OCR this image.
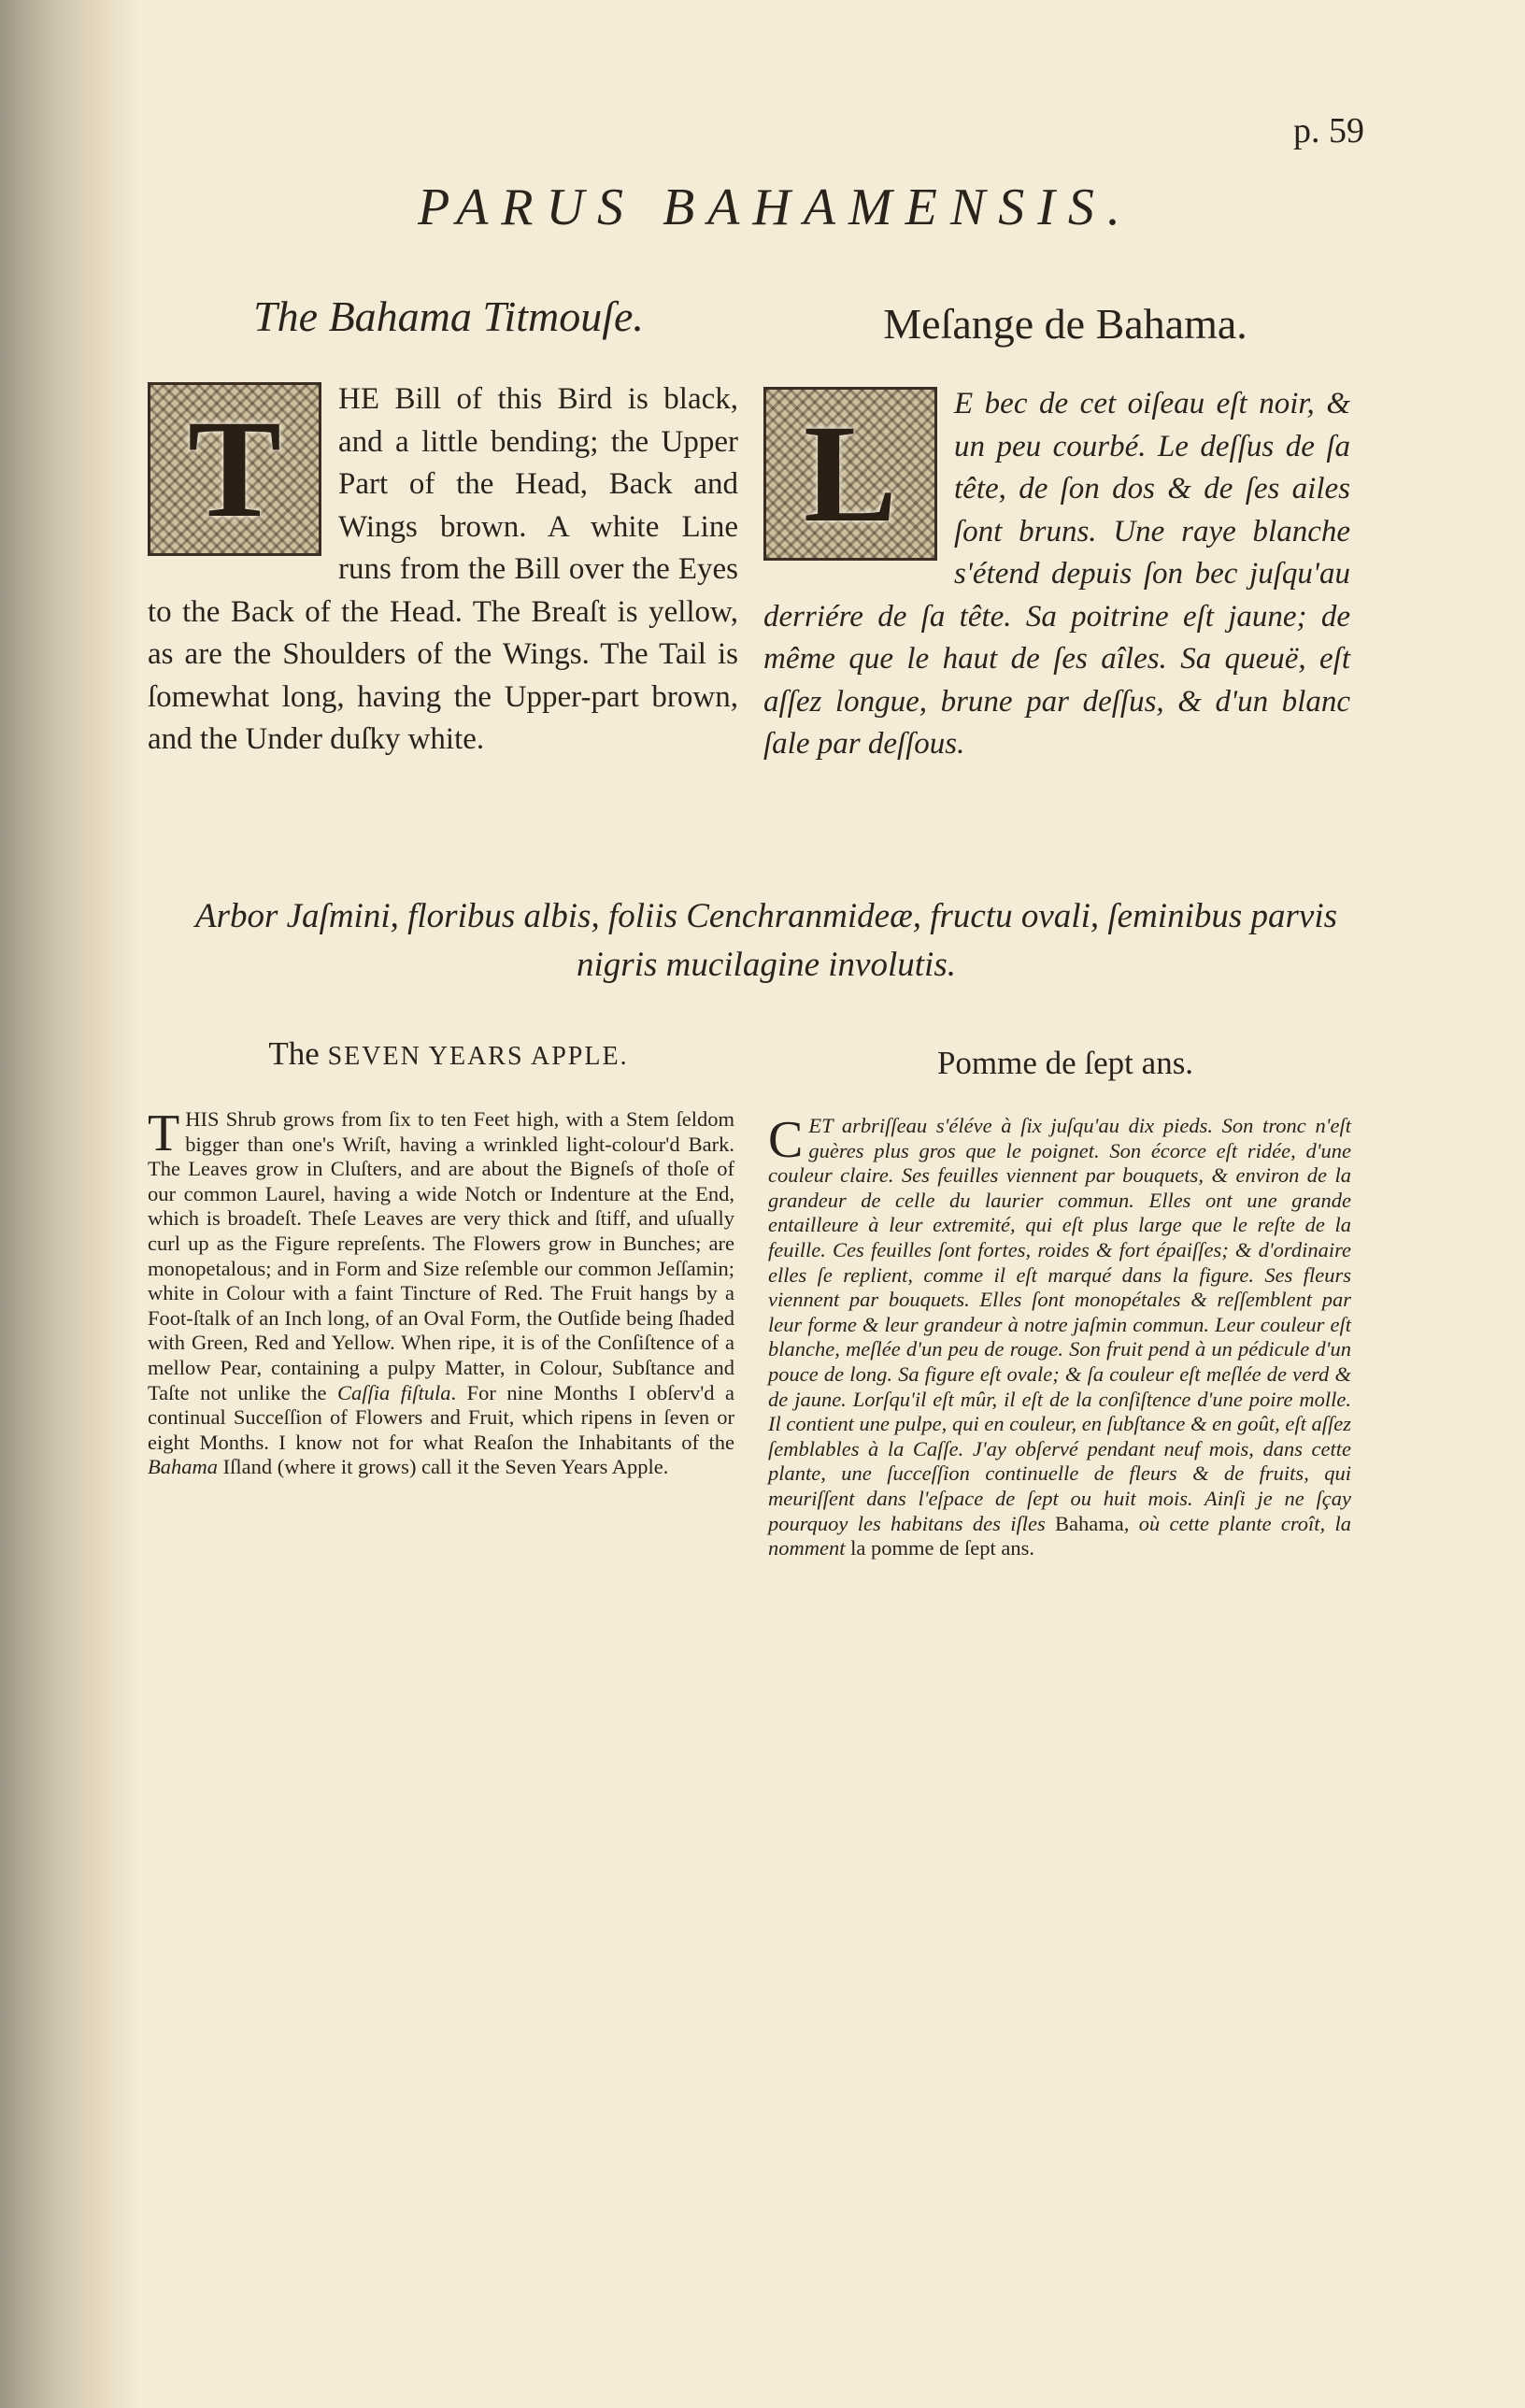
p. 59
PARUS BAHAMENSIS.
The Bahama Titmouſe.	Meſange de Bahama.
T HE Bill of this Bird is black, and a little bending; the Upper Part of the Head, Back and Wings brown. A white Line runs from the Bill over the Eyes to the Back of the Head. The Breaſt is yellow, as are the Shoulders of the Wings. The Tail is ſomewhat long, having the Upper-part brown, and the Under duſky white.
L E bec de cet oiſeau eſt noir, & un peu courbé. Le deſſus de ſa tête, de ſon dos & de ſes ailes ſont bruns. Une raye blanche s'étend depuis ſon bec juſqu'au derriére de ſa tête. Sa poitrine eſt jaune; de même que le haut de ſes aîles. Sa queuë, eſt aſſez longue, brune par deſſus, & d'un blanc ſale par deſſous.
Arbor Jaſmini, floribus albis, foliis Cenchranmideæ, fructu ovali, ſeminibus parvis nigris mucilagine involutis.
The SEVEN YEARS APPLE.	Pomme de ſept ans.
THIS Shrub grows from ſix to ten Feet high, with a Stem ſeldom bigger than one's Wriſt, having a wrinkled light-colour'd Bark. The Leaves grow in Cluſters, and are about the Bigneſs of thoſe of our common Laurel, having a wide Notch or Indenture at the End, which is broadeſt. Theſe Leaves are very thick and ſtiff, and uſually curl up as the Figure repreſents. The Flowers grow in Bunches; are monopetalous; and in Form and Size reſemble our common Jeſſamin; white in Colour with a faint Tincture of Red. The Fruit hangs by a Foot-ſtalk of an Inch long, of an Oval Form, the Outſide being ſhaded with Green, Red and Yellow. When ripe, it is of the Conſiſtence of a mellow Pear, containing a pulpy Matter, in Colour, Subſtance and Taſte not unlike the Caſſia fiſtula. For nine Months I obſerv'd a continual Succeſſion of Flowers and Fruit, which ripens in ſeven or eight Months. I know not for what Reaſon the Inhabitants of the Bahama Iſland (where it grows) call it the Seven Years Apple.
CET arbriſſeau s'éléve à ſix juſqu'au dix pieds. Son tronc n'eſt guères plus gros que le poignet. Son écorce eſt ridée, d'une couleur claire. Ses feuilles viennent par bouquets, & environ de la grandeur de celle du laurier commun. Elles ont une grande entailleure à leur extremité, qui eſt plus large que le reſte de la feuille. Ces feuilles ſont fortes, roides & fort épaiſſes; & d'ordinaire elles ſe replient, comme il eſt marqué dans la figure. Ses fleurs viennent par bouquets. Elles ſont monopétales & reſſemblent par leur forme & leur grandeur à notre jaſmin commun. Leur couleur eſt blanche, meſlée d'un peu de rouge. Son fruit pend à un pédicule d'un pouce de long. Sa figure eſt ovale; & ſa couleur eſt meſlée de verd & de jaune. Lorſqu'il eſt mûr, il eſt de la conſiſtence d'une poire molle. Il contient une pulpe, qui en couleur, en ſubſtance & en goût, eſt aſſez ſemblables à la Caſſe. J'ay obſervé pendant neuf mois, dans cette plante, une ſucceſſion continuelle de fleurs & de fruits, qui meuriſſent dans l'eſpace de ſept ou huit mois. Ainſi je ne ſçay pourquoy les habitans des iſles Bahama, où cette plante croît, la nomment la pomme de ſept ans.
